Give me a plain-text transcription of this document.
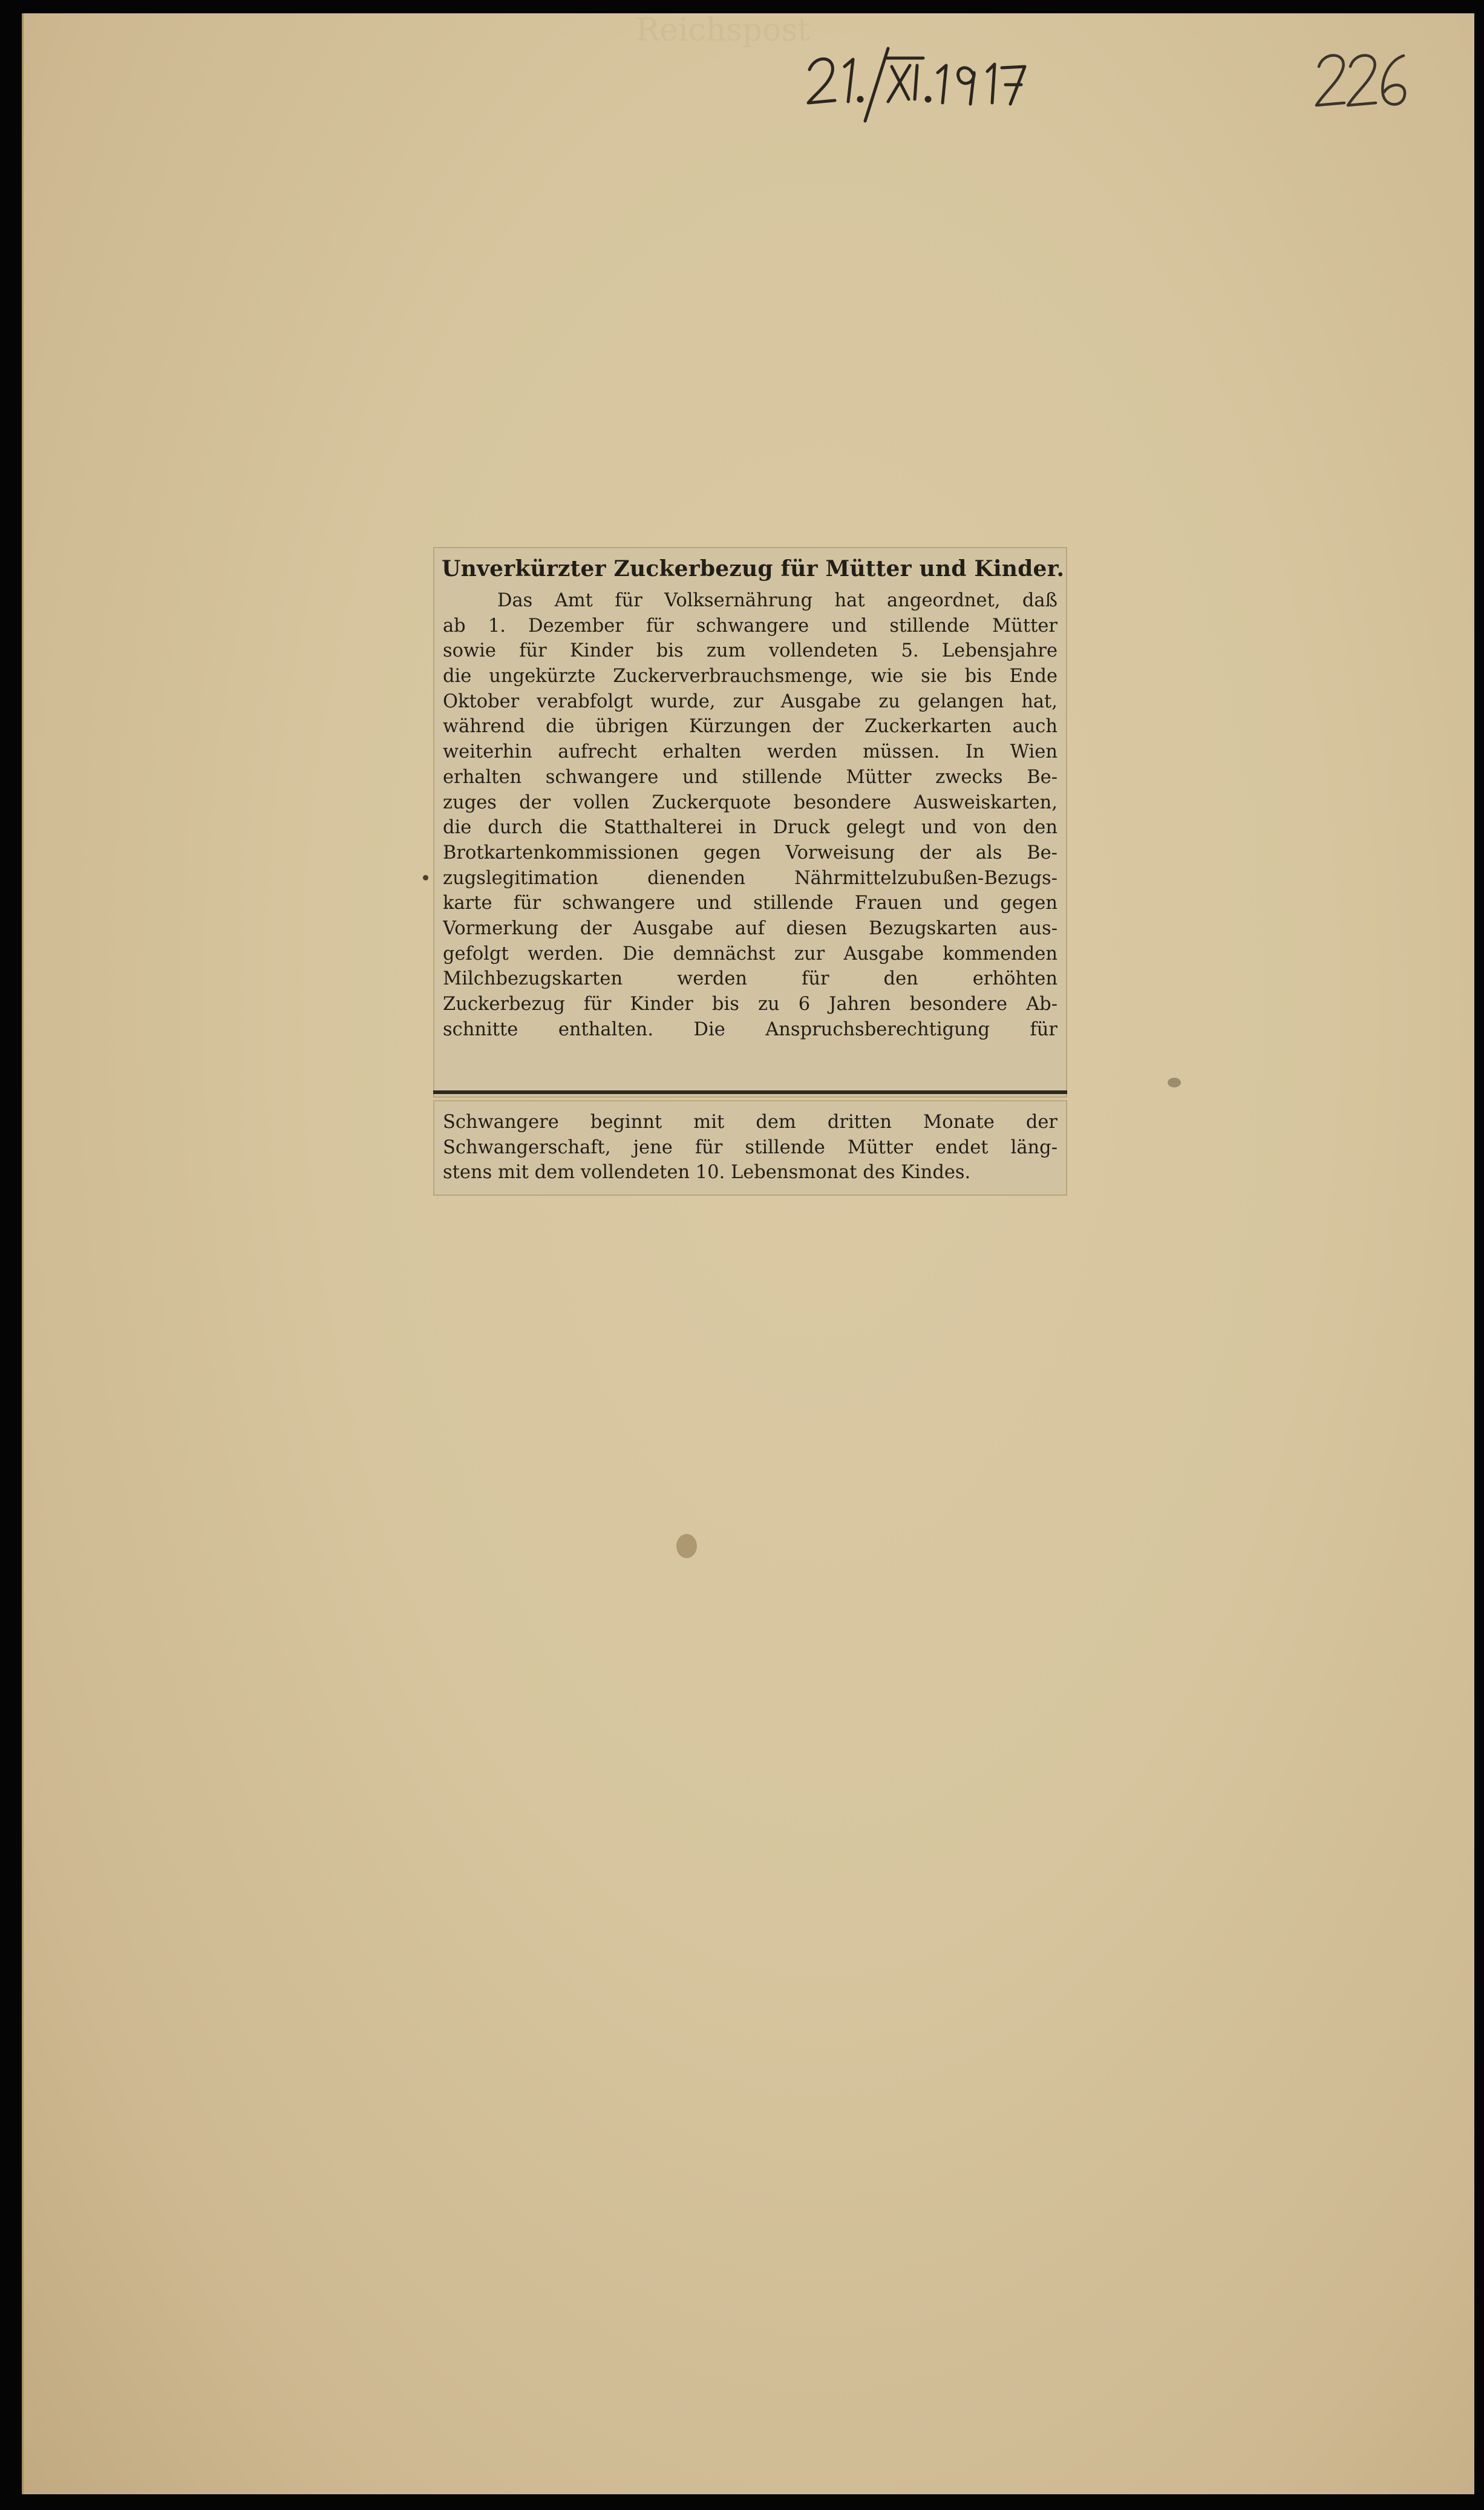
Reichspost
Unverkürzter Zuckerbezug für Mütter und Kinder.
Das Amt für Volksernährung hat angeordnet, daß
ab 1. Dezember für schwangere und stillende Mütter
sowie für Kinder bis zum vollendeten 5. Lebensjahre
die ungekürzte Zuckerverbrauchsmenge, wie sie bis Ende
Oktober verabfolgt wurde, zur Ausgabe zu gelangen hat,
während die übrigen Kürzungen der Zuckerkarten auch
weiterhin aufrecht erhalten werden müssen. In Wien
erhalten schwangere und stillende Mütter zwecks Be-
zuges der vollen Zuckerquote besondere Ausweiskarten,
die durch die Statthalterei in Druck gelegt und von den
Brotkartenkommissionen gegen Vorweisung der als Be-
zugslegitimation dienenden Nährmittelzubußen-Bezugs-
karte für schwangere und stillende Frauen und gegen
Vormerkung der Ausgabe auf diesen Bezugskarten aus-
gefolgt werden. Die demnächst zur Ausgabe kommenden
Milchbezugskarten werden für den erhöhten
Zuckerbezug für Kinder bis zu 6 Jahren besondere Ab-
schnitte enthalten. Die Anspruchsberechtigung für
Schwangere beginnt mit dem dritten Monate der
Schwangerschaft, jene für stillende Mütter endet läng-
stens mit dem vollendeten 10. Lebensmonat des Kindes.
